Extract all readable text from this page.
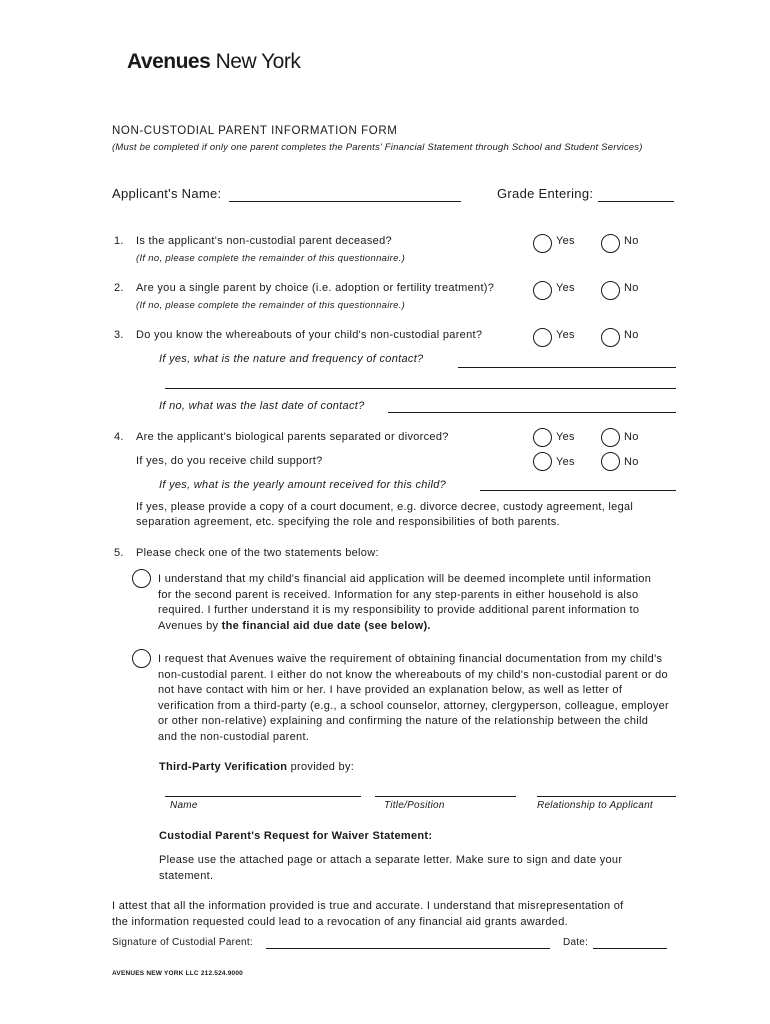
Avenues New York
NON-CUSTODIAL PARENT INFORMATION FORM
(Must be completed if only one parent completes the Parents' Financial Statement through School and Student Services)
Applicant's Name:	Grade Entering:
1. Is the applicant's non-custodial parent deceased?
(If no, please complete the remainder of this questionnaire.)
Yes	No
2. Are you a single parent by choice (i.e. adoption or fertility treatment)?
(If no, please complete the remainder of this questionnaire.)
Yes	No
3. Do you know the whereabouts of your child's non-custodial parent?	Yes	No
If yes, what is the nature and frequency of contact?
If no, what was the last date of contact?
4. Are the applicant's biological parents separated or divorced?	Yes	No
If yes, do you receive child support?	Yes	No
If yes, what is the yearly amount received for this child?
If yes, please provide a copy of a court document, e.g. divorce decree, custody agreement, legal
separation agreement, etc. specifying the role and responsibilities of both parents.
5. Please check one of the two statements below:
I understand that my child's financial aid application will be deemed incomplete until information for the second parent is received. Information for any step-parents in either household is also required. I further understand it is my responsibility to provide additional parent information to Avenues by the financial aid due date (see below).
I request that Avenues waive the requirement of obtaining financial documentation from my child's non-custodial parent. I either do not know the whereabouts of my child's non-custodial parent or do not have contact with him or her. I have provided an explanation below, as well as letter of verification from a third-party (e.g., a school counselor, attorney, clergyperson, colleague, employer or other non-relative) explaining and confirming the nature of the relationship between the child and the non-custodial parent.
Third-Party Verification provided by:
Name	Title/Position	Relationship to Applicant
Custodial Parent's Request for Waiver Statement:
Please use the attached page or attach a separate letter. Make sure to sign and date your statement.
I attest that all the information provided is true and accurate. I understand that misrepresentation of
the information requested could lead to a revocation of any financial aid grants awarded.
Signature of Custodial Parent:	Date:
AVENUES NEW YORK LLC 212.524.9000
